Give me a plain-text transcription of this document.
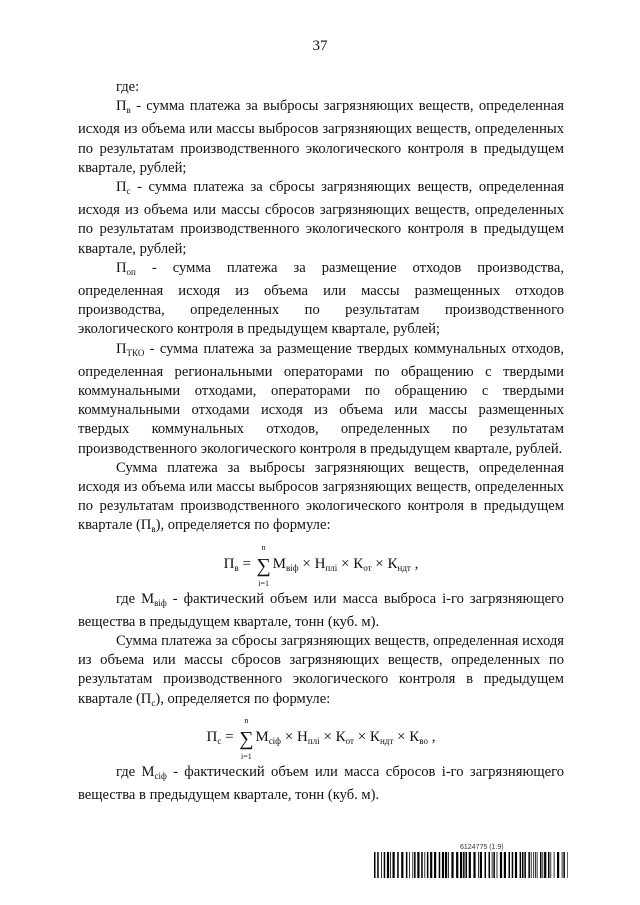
37

где:

$П_в$ - сумма платежа за выбросы загрязняющих веществ, определенная исходя из объема или массы выбросов загрязняющих веществ, определенных по результатам производственного экологического контроля в предыдущем квартале, рублей;

$П_с$ - сумма платежа за сбросы загрязняющих веществ, определенная исходя из объема или массы сбросов загрязняющих веществ, определенных по результатам производственного экологического контроля в предыдущем квартале, рублей;

$П_{оп}$ - сумма платежа за размещение отходов производства, определенная исходя из объема или массы размещенных отходов производства, определенных по результатам производственного экологического контроля в предыдущем квартале, рублей;

$П_{ТКО}$ - сумма платежа за размещение твердых коммунальных отходов, определенная региональными операторами по обращению с твердыми коммунальными отходами, операторами по обращению с твердыми коммунальными отходами исходя из объема или массы размещенных твердых коммунальных отходов, определенных по результатам производственного экологического контроля в предыдущем квартале, рублей.

Сумма платежа за выбросы загрязняющих веществ, определенная исходя из объема или массы выбросов загрязняющих веществ, определенных по результатам производственного экологического контроля в предыдущем квартале $(П_в)$, определяется по формуле:

$П_в$ =
n
∑
i=1
$М_{вiф} \times Н_{плi} \times К_{от} \times К_{ндт}$ ,

где $М_{вiф}$ - фактический объем или масса выброса i-го загрязняющего вещества в предыдущем квартале, тонн (куб. м).

Сумма платежа за сбросы загрязняющих веществ, определенная исходя из объема или массы сбросов загрязняющих веществ, определенных по результатам производственного экологического контроля в предыдущем квартале $(П_с)$, определяется по формуле:

$П_с$ =
n
∑
i=1
$М_{сiф} \times Н_{плi} \times К_{от} \times К_{ндт} \times К_{во}$ ,

где $М_{сiф}$ - фактический объем или масса сбросов i-го загрязняющего вещества в предыдущем квартале, тонн (куб. м).

6124775 (1.9)
